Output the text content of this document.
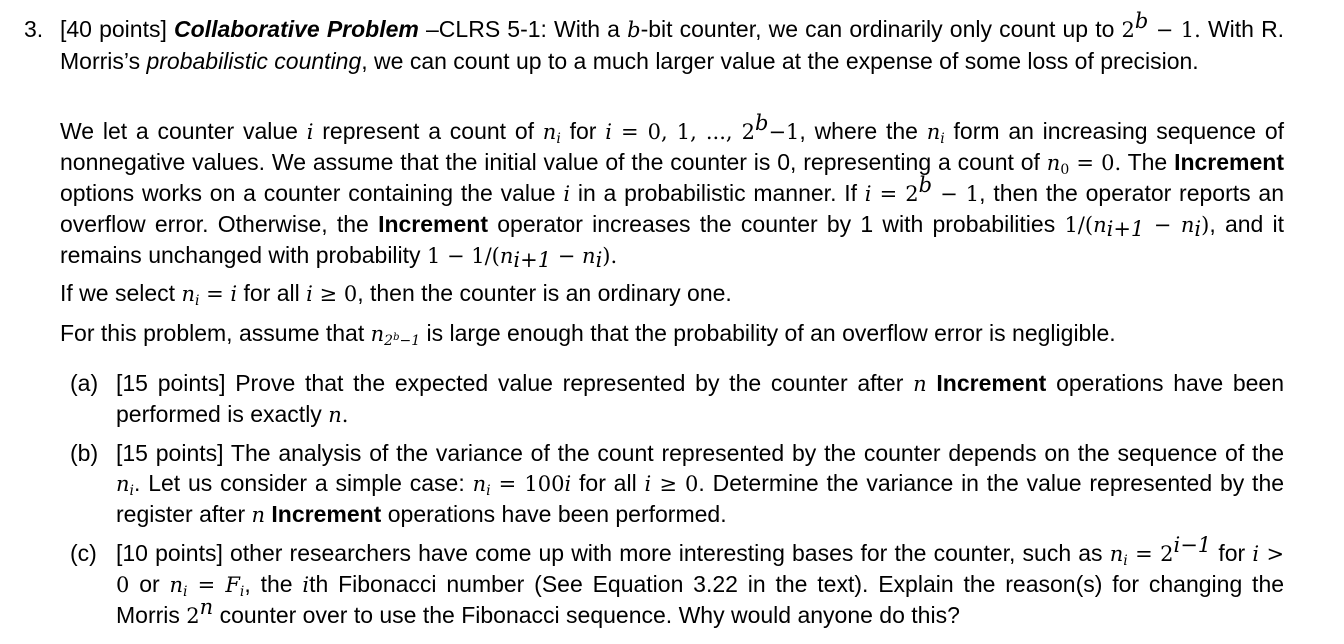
3. [40 points] Collaborative Problem –CLRS 5-1: With a b-bit counter, we can ordinarily only count up to $2^b - 1$. With R. Morris’s probabilistic counting, we can count up to a much larger value at the expense of some loss of precision.
We let a counter value i represent a count of $n_i$ for i = 0, 1, ..., $2^b-1$, where the $n_i$ form an increasing sequence of nonnegative values. We assume that the initial value of the counter is 0, representing a count of $n_0 = 0$. The Increment options works on a counter containing the value i in a probabilistic manner. If $i = 2^b - 1$, then the operator reports an overflow error. Otherwise, the Increment operator increases the counter by 1 with probabilities $1/(n_{i+1} - n_i)$, and it remains unchanged with probability $1 - 1/(n_{i+1} - n_i)$.
If we select $n_i = i$ for all i ≥ 0, then the counter is an ordinary one.
For this problem, assume that $n_{2^b-1}$ is large enough that the probability of an overflow error is negligible.
(a) [15 points] Prove that the expected value represented by the counter after n Increment operations have been performed is exactly n.
(b) [15 points] The analysis of the variance of the count represented by the counter depends on the sequence of the $n_i$. Let us consider a simple case: $n_i = 100i$ for all i ≥ 0. Determine the variance in the value represented by the register after n Increment operations have been performed.
(c) [10 points] other researchers have come up with more interesting bases for the counter, such as $n_i = 2^{i-1}$ for i > 0 or $n_i = F_i$, the ith Fibonacci number (See Equation 3.22 in the text). Explain the reason(s) for changing the Morris 2$^n$ counter over to use the Fibonacci sequence. Why would anyone do this?
